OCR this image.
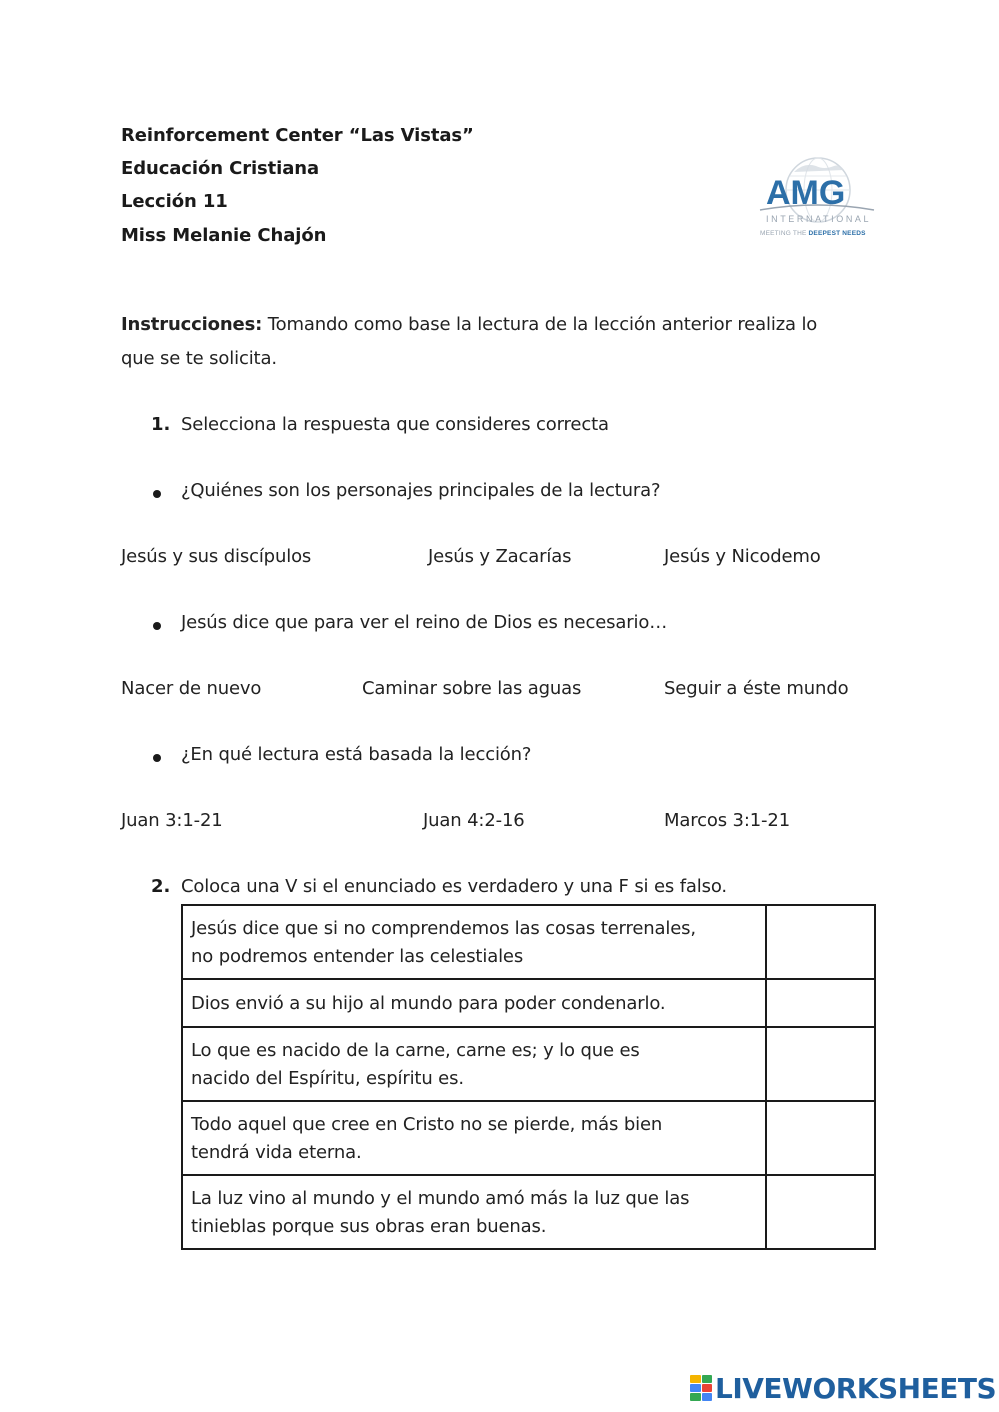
Reinforcement Center “Las Vistas”
Educación Cristiana
Lección 11
Miss Melanie Chajón
AMG
INTERNATIONAL
MEETING THE DEEPEST NEEDS
Instrucciones: Tomando como base la lectura de la lección anterior realiza lo
que se te solicita.
1. Selecciona la respuesta que consideres correcta
¿Quiénes son los personajes principales de la lectura?
Jesús y sus discípulos	Jesús y Zacarías	Jesús y Nicodemo
Jesús dice que para ver el reino de Dios es necesario…
Nacer de nuevo	Caminar sobre las aguas	Seguir a éste mundo
¿En qué lectura está basada la lección?
Juan 3:1-21	Juan 4:2-16	Marcos 3:1-21
2. Coloca una V si el enunciado es verdadero y una F si es falso.
Jesús dice que si no comprendemos las cosas terrenales,
no podremos entender las celestiales	

Dios envió a su hijo al mundo para poder condenarlo.	

Lo que es nacido de la carne, carne es; y lo que es
nacido del Espíritu, espíritu es.	

Todo aquel que cree en Cristo no se pierde, más bien
tendrá vida eterna.	

La luz vino al mundo y el mundo amó más la luz que las
tinieblas porque sus obras eran buenas.	

LIVEWORKSHEETS
